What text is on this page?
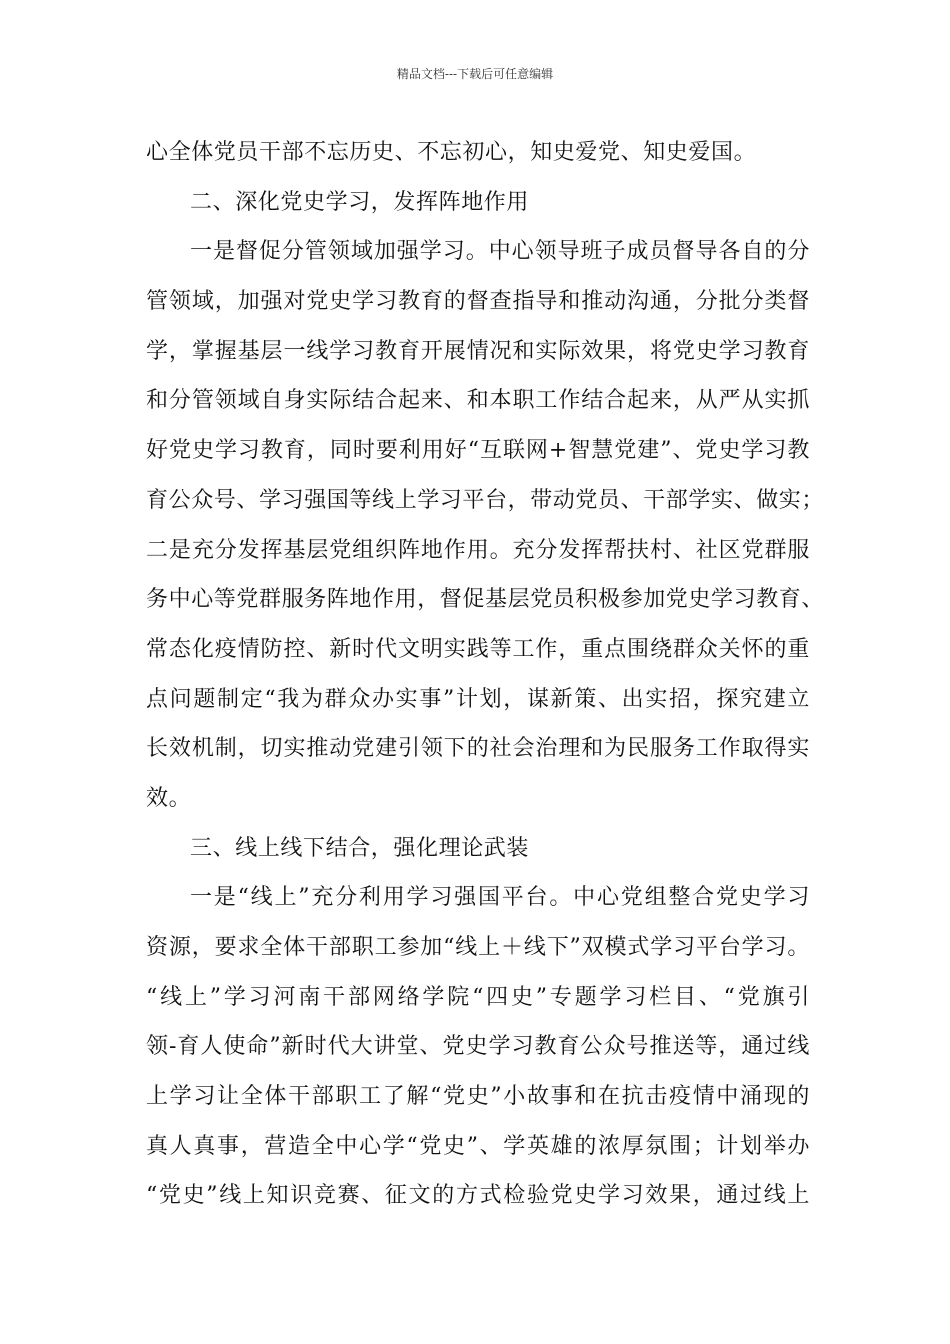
精品文档---下载后可任意编辑
心全体党员干部不忘历史、不忘初心，知史爱党、知史爱国。
二、深化党史学习，发挥阵地作用
一是督促分管领域加强学习。中心领导班子成员督导各自的分
管领域，加强对党史学习教育的督查指导和推动沟通，分批分类督
学，掌握基层一线学习教育开展情况和实际效果，将党史学习教育
和分管领域自身实际结合起来、和本职工作结合起来，从严从实抓
好党史学习教育，同时要利用好“互联网+智慧党建”、党史学习教
育公众号、学习强国等线上学习平台，带动党员、干部学实、做实；
二是充分发挥基层党组织阵地作用。充分发挥帮扶村、社区党群服
务中心等党群服务阵地作用，督促基层党员积极参加党史学习教育、
常态化疫情防控、新时代文明实践等工作，重点围绕群众关怀的重
点问题制定“我为群众办实事”计划，谋新策、出实招，探究建立
长效机制，切实推动党建引领下的社会治理和为民服务工作取得实
效。
三、线上线下结合，强化理论武装
一是“线上”充分利用学习强国平台。中心党组整合党史学习
资源，要求全体干部职工参加“线上＋线下”双模式学习平台学习。
“线上”学习河南干部网络学院“四史”专题学习栏目、“党旗引
领-育人使命”新时代大讲堂、党史学习教育公众号推送等，通过线
上学习让全体干部职工了解“党史”小故事和在抗击疫情中涌现的
真人真事，营造全中心学“党史”、学英雄的浓厚氛围；计划举办
“党史”线上知识竞赛、征文的方式检验党史学习效果，通过线上
